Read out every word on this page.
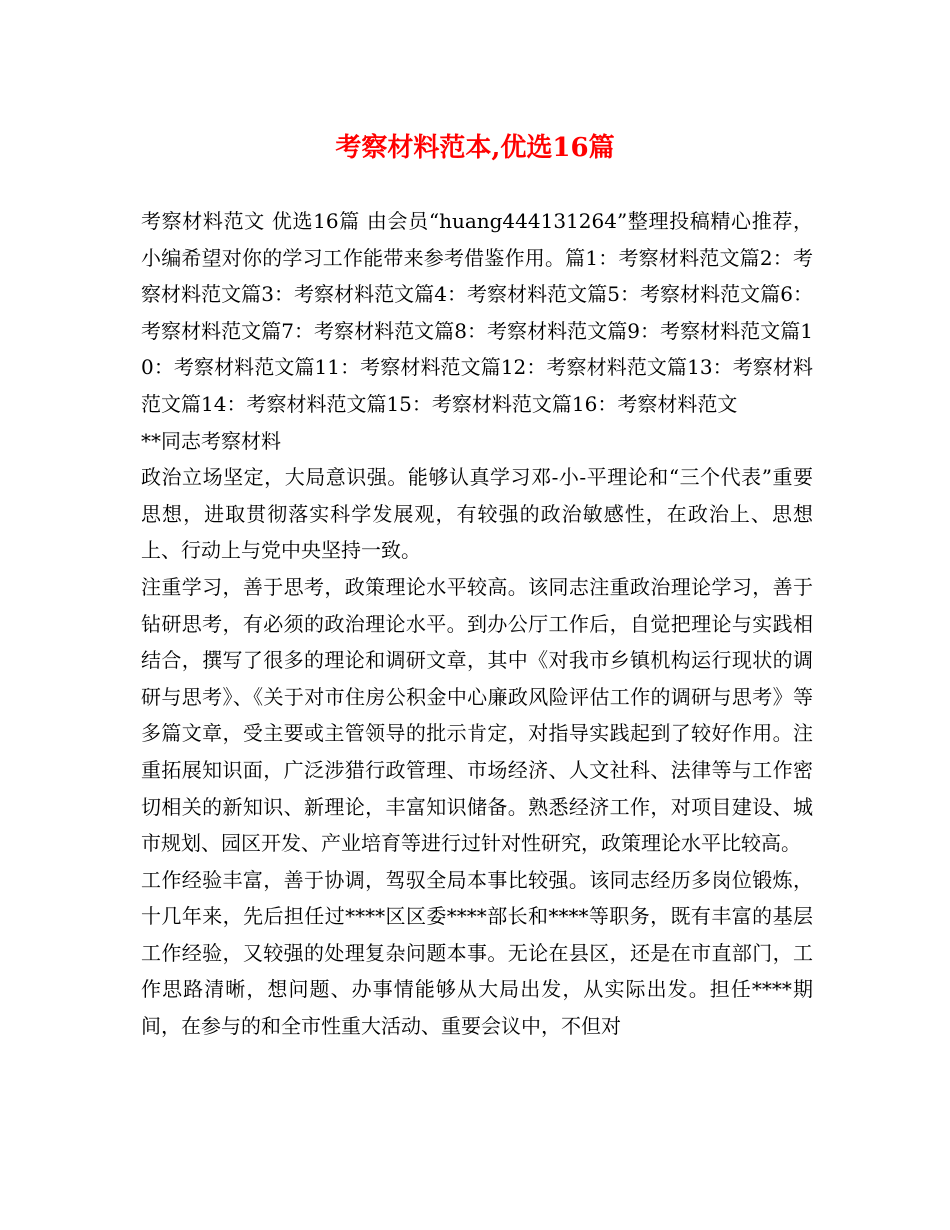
考察材料范本,优选16篇

考察材料范文 优选16篇 由会员“huang444131264”整理投稿精心推荐，小编希望对你的学习工作能带来参考借鉴作用。篇1：考察材料范文篇2：考察材料范文篇3：考察材料范文篇4：考察材料范文篇5：考察材料范文篇6：考察材料范文篇7：考察材料范文篇8：考察材料范文篇9：考察材料范文篇10：考察材料范文篇11：考察材料范文篇12：考察材料范文篇13：考察材料范文篇14：考察材料范文篇15：考察材料范文篇16：考察材料范文

**同志考察材料

政治立场坚定，大局意识强。能够认真学习邓-小-平理论和“三个代表”重要思想，进取贯彻落实科学发展观，有较强的政治敏感性，在政治上、思想上、行动上与党中央坚持一致。

注重学习，善于思考，政策理论水平较高。该同志注重政治理论学习，善于钻研思考，有必须的政治理论水平。到办公厅工作后，自觉把理论与实践相结合，撰写了很多的理论和调研文章，其中《对我市乡镇机构运行现状的调研与思考》、《关于对市住房公积金中心廉政风险评估工作的调研与思考》等多篇文章，受主要或主管领导的批示肯定，对指导实践起到了较好作用。注重拓展知识面，广泛涉猎行政管理、市场经济、人文社科、法律等与工作密切相关的新知识、新理论，丰富知识储备。熟悉经济工作，对项目建设、城市规划、园区开发、产业培育等进行过针对性研究，政策理论水平比较高。

工作经验丰富，善于协调，驾驭全局本事比较强。该同志经历多岗位锻炼，十几年来，先后担任过****区区委****部长和****等职务，既有丰富的基层工作经验，又较强的处理复杂问题本事。无论在县区，还是在市直部门，工作思路清晰，想问题、办事情能够从大局出发，从实际出发。担任****期间，在参与的和全市性重大活动、重要会议中，不但对
